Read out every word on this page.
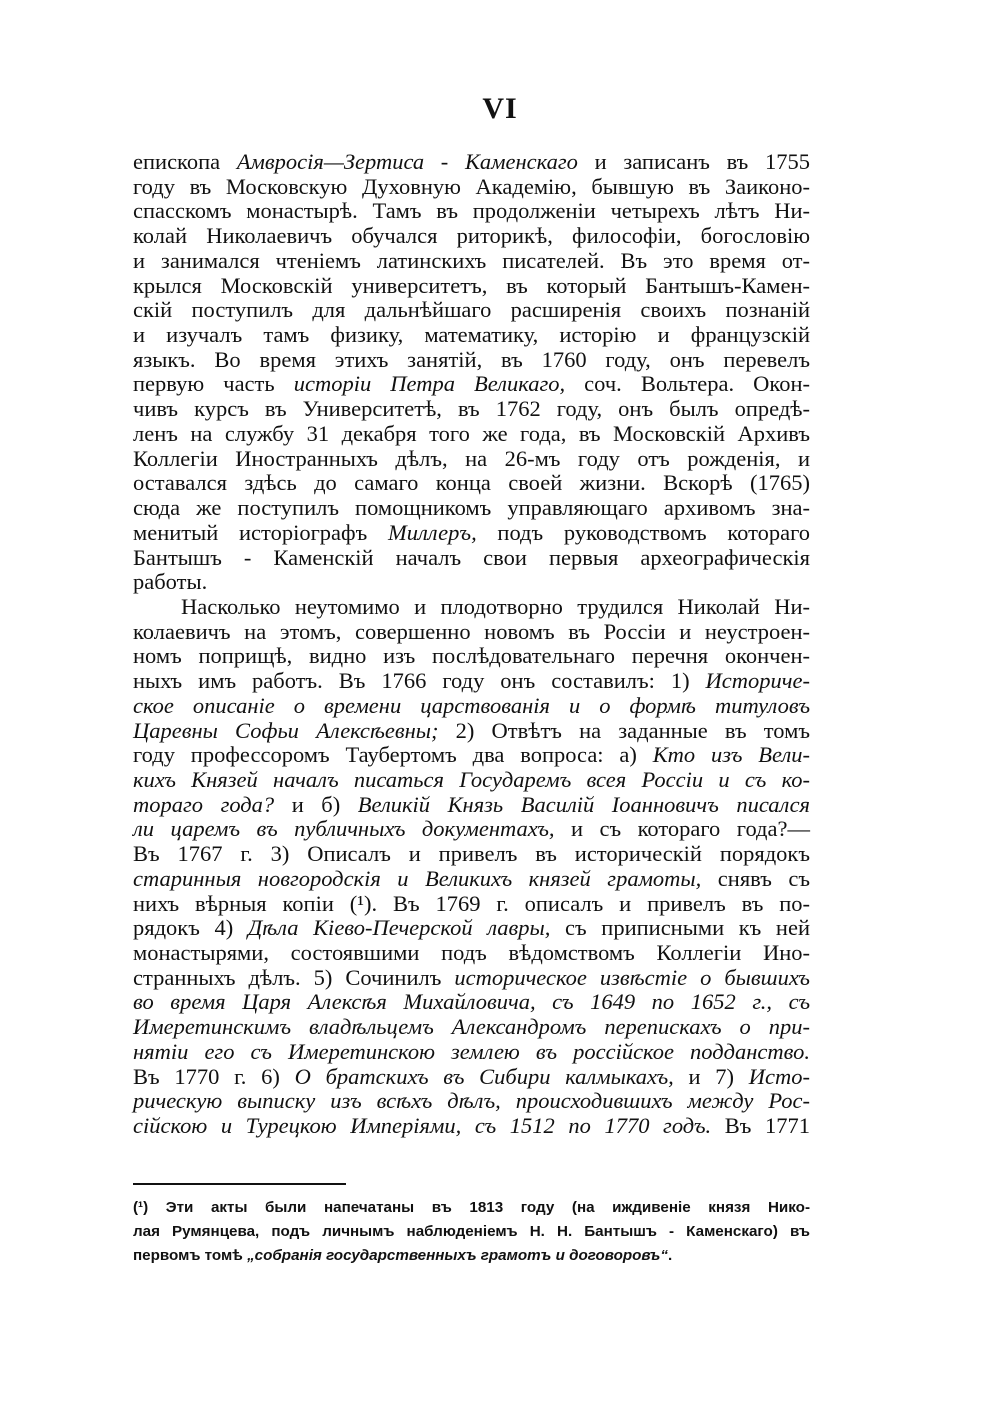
VI
епископа Амвросія—Зертиса - Каменскаго и записанъ въ 1755
году въ Московскую Духовную Академію, бывшую въ Заиконо-
спасскомъ монастырѣ. Тамъ въ продолженіи четырехъ лѣтъ Ни-
колай Николаевичъ обучался риторикѣ, философіи, богословію
и занимался чтеніемъ латинскихъ писателей. Въ это время от-
крылся Московскій университетъ, въ который Бантышъ-Камен-
скій поступилъ для дальнѣйшаго расширенія своихъ познаній
и изучалъ тамъ физику, математику, исторію и французскій
языкъ. Во время этихъ занятій, въ 1760 году, онъ перевелъ
первую часть исторіи Петра Великаго, соч. Вольтера. Окон-
чивъ курсъ въ Университетѣ, въ 1762 году, онъ былъ опредѣ-
ленъ на службу 31 декабря того же года, въ Московскій Архивъ
Коллегіи Иностранныхъ дѣлъ, на 26-мъ году отъ рожденія, и
оставался здѣсь до самаго конца своей жизни. Вскорѣ (1765)
сюда же поступилъ помощникомъ управляющаго архивомъ зна-
менитый исторіографъ Миллеръ, подъ руководствомъ котораго
Бантышъ - Каменскій началъ свои первыя археографическія
работы.
Насколько неутомимо и плодотворно трудился Николай Ни-
колаевичъ на этомъ, совершенно новомъ въ Россіи и неустроен-
номъ поприщѣ, видно изъ послѣдовательнаго перечня окончен-
ныхъ имъ работъ. Въ 1766 году онъ составилъ: 1) Историче-
ское описаніе о времени царствованія и о формѣ титуловъ
Царевны Софьи Алексѣевны; 2) Отвѣтъ на заданные въ томъ
году профессоромъ Таубертомъ два вопроса: а) Кто изъ Вели-
кихъ Князей началъ писаться Государемъ всея Россіи и съ ко-
тораго года? и б) Великій Князь Василій Іоанновичъ писался
ли царемъ въ публичныхъ документахъ, и съ котораго года?—
Въ 1767 г. 3) Описалъ и привелъ въ историческій порядокъ
старинныя новгородскія и Великихъ князей грамоты, снявъ съ
нихъ вѣрныя копіи (¹). Въ 1769 г. описалъ и привелъ въ по-
рядокъ 4) Дѣла Кіево-Печерской лавры, съ приписными къ ней
монастырями, состоявшими подъ вѣдомствомъ Коллегіи Ино-
странныхъ дѣлъ. 5) Сочинилъ историческое извѣстіе о бывшихъ
во время Царя Алексѣя Михайловича, съ 1649 по 1652 г., съ
Имеретинскимъ владѣльцемъ Александромъ перепискахъ о при-
нятіи его съ Имеретинскою землею въ россійское подданство.
Въ 1770 г. 6) О братскихъ въ Сибири калмыкахъ, и 7) Исто-
рическую выписку изъ всѣхъ дѣлъ, происходившихъ между Рос-
сійскою и Турецкою Имперіями, съ 1512 по 1770 годъ. Въ 1771
(¹) Эти акты были напечатаны въ 1813 году (на иждивеніе князя Нико-
лая Румянцева, подъ личнымъ наблюденіемъ Н. Н. Бантышъ - Каменскаго) въ
первомъ томѣ „собранія государственныхъ грамотъ и договоровъ“.
